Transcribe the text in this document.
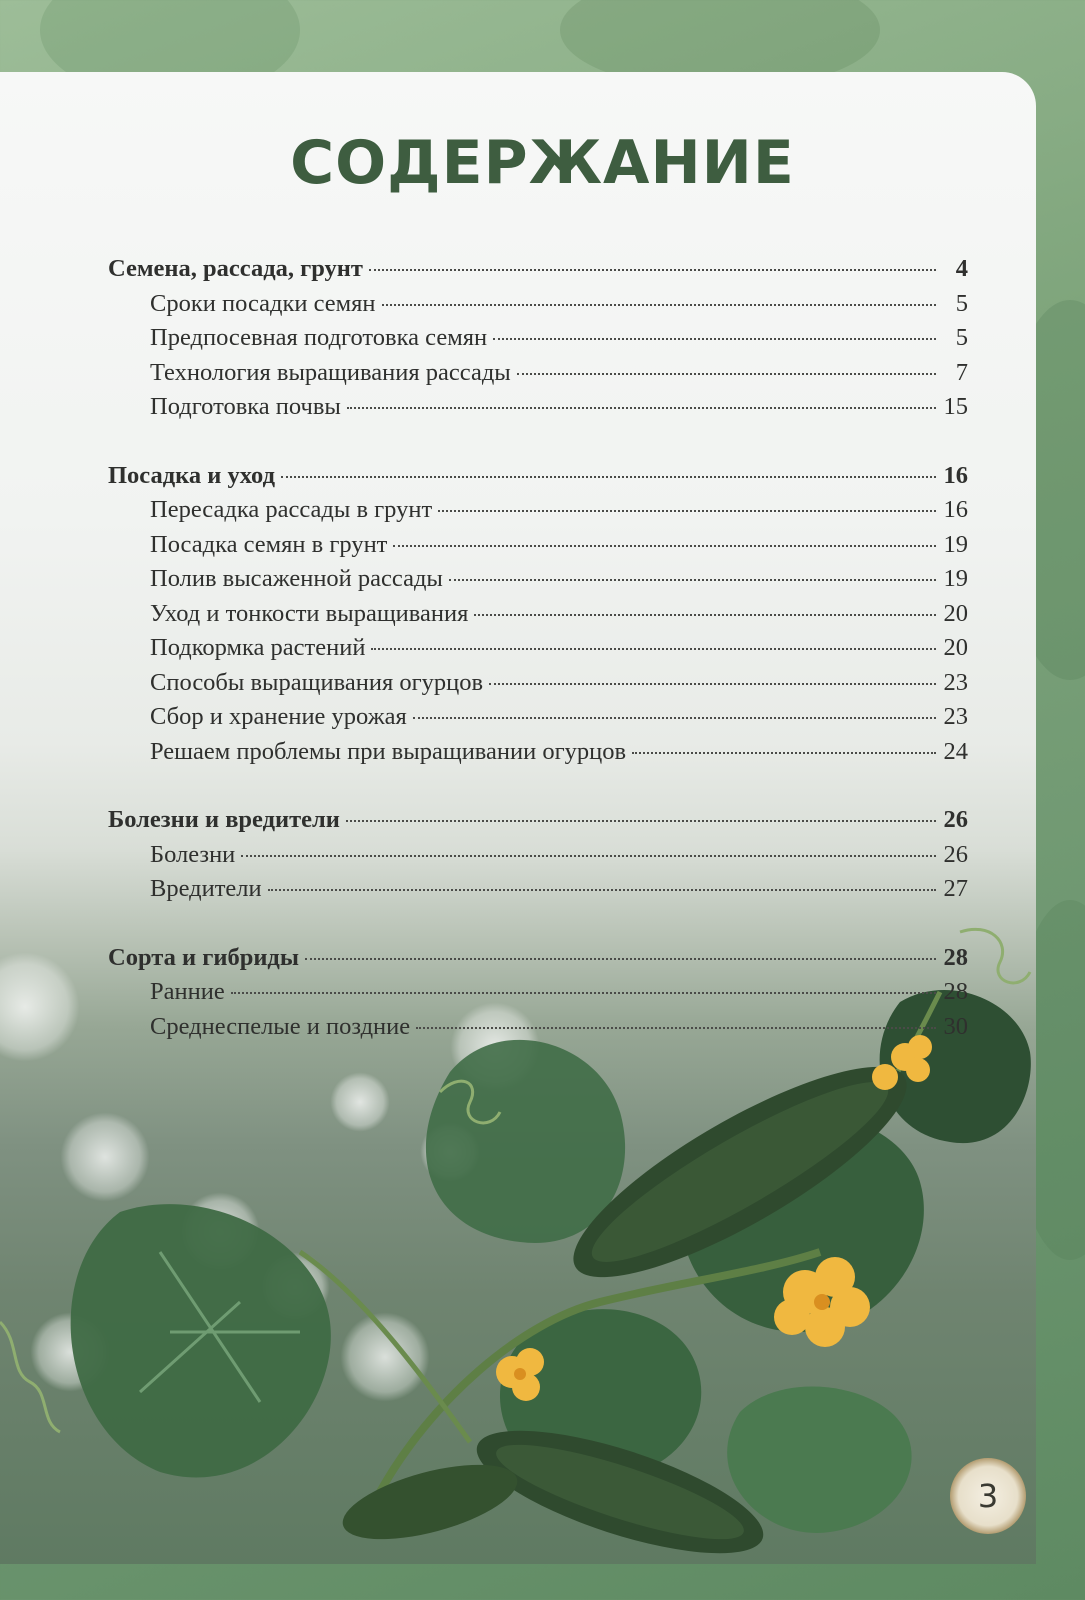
СОДЕРЖАНИЕ
Семена, рассада, грунт	4
Сроки посадки семян	5
Предпосевная подготовка семян	5
Технология выращивания рассады	7
Подготовка почвы	15
Посадка и уход	16
Пересадка рассады в грунт	16
Посадка семян в грунт	19
Полив высаженной рассады	19
Уход и тонкости выращивания	20
Подкормка растений	20
Способы выращивания огурцов	23
Сбор и хранение урожая	23
Решаем проблемы при выращивании огурцов	24
Болезни и вредители	26
Болезни	26
Вредители	27
Сорта и гибриды	28
Ранние	28
Среднеспелые и поздние	30
3
